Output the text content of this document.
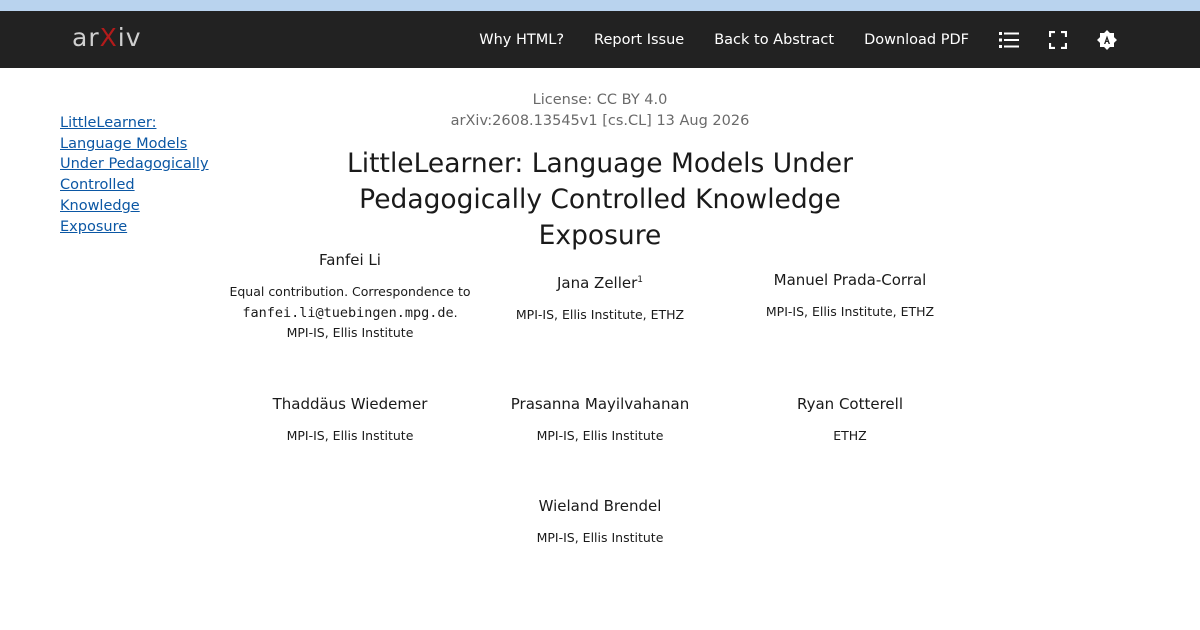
arXiv	Why HTML? Report Issue Back to Abstract Download PDF
LittleLearner: Language Models Under Pedagogically Controlled Knowledge Exposure
License: CC BY 4.0
arXiv:2608.13545v1 [cs.CL] 13 Aug 2026
LittleLearner: Language Models Under Pedagogically Controlled Knowledge Exposure
Fanfei Li
Equal contribution. Correspondence to
fanfei.li@tuebingen.mpg.de.
MPI-IS, Ellis Institute
Jana Zeller$^1$
MPI-IS, Ellis Institute, ETHZ
Manuel Prada-Corral
MPI-IS, Ellis Institute, ETHZ
Thaddäus Wiedemer
MPI-IS, Ellis Institute
Prasanna Mayilvahanan
MPI-IS, Ellis Institute
Ryan Cotterell
ETHZ
Wieland Brendel
MPI-IS, Ellis Institute
